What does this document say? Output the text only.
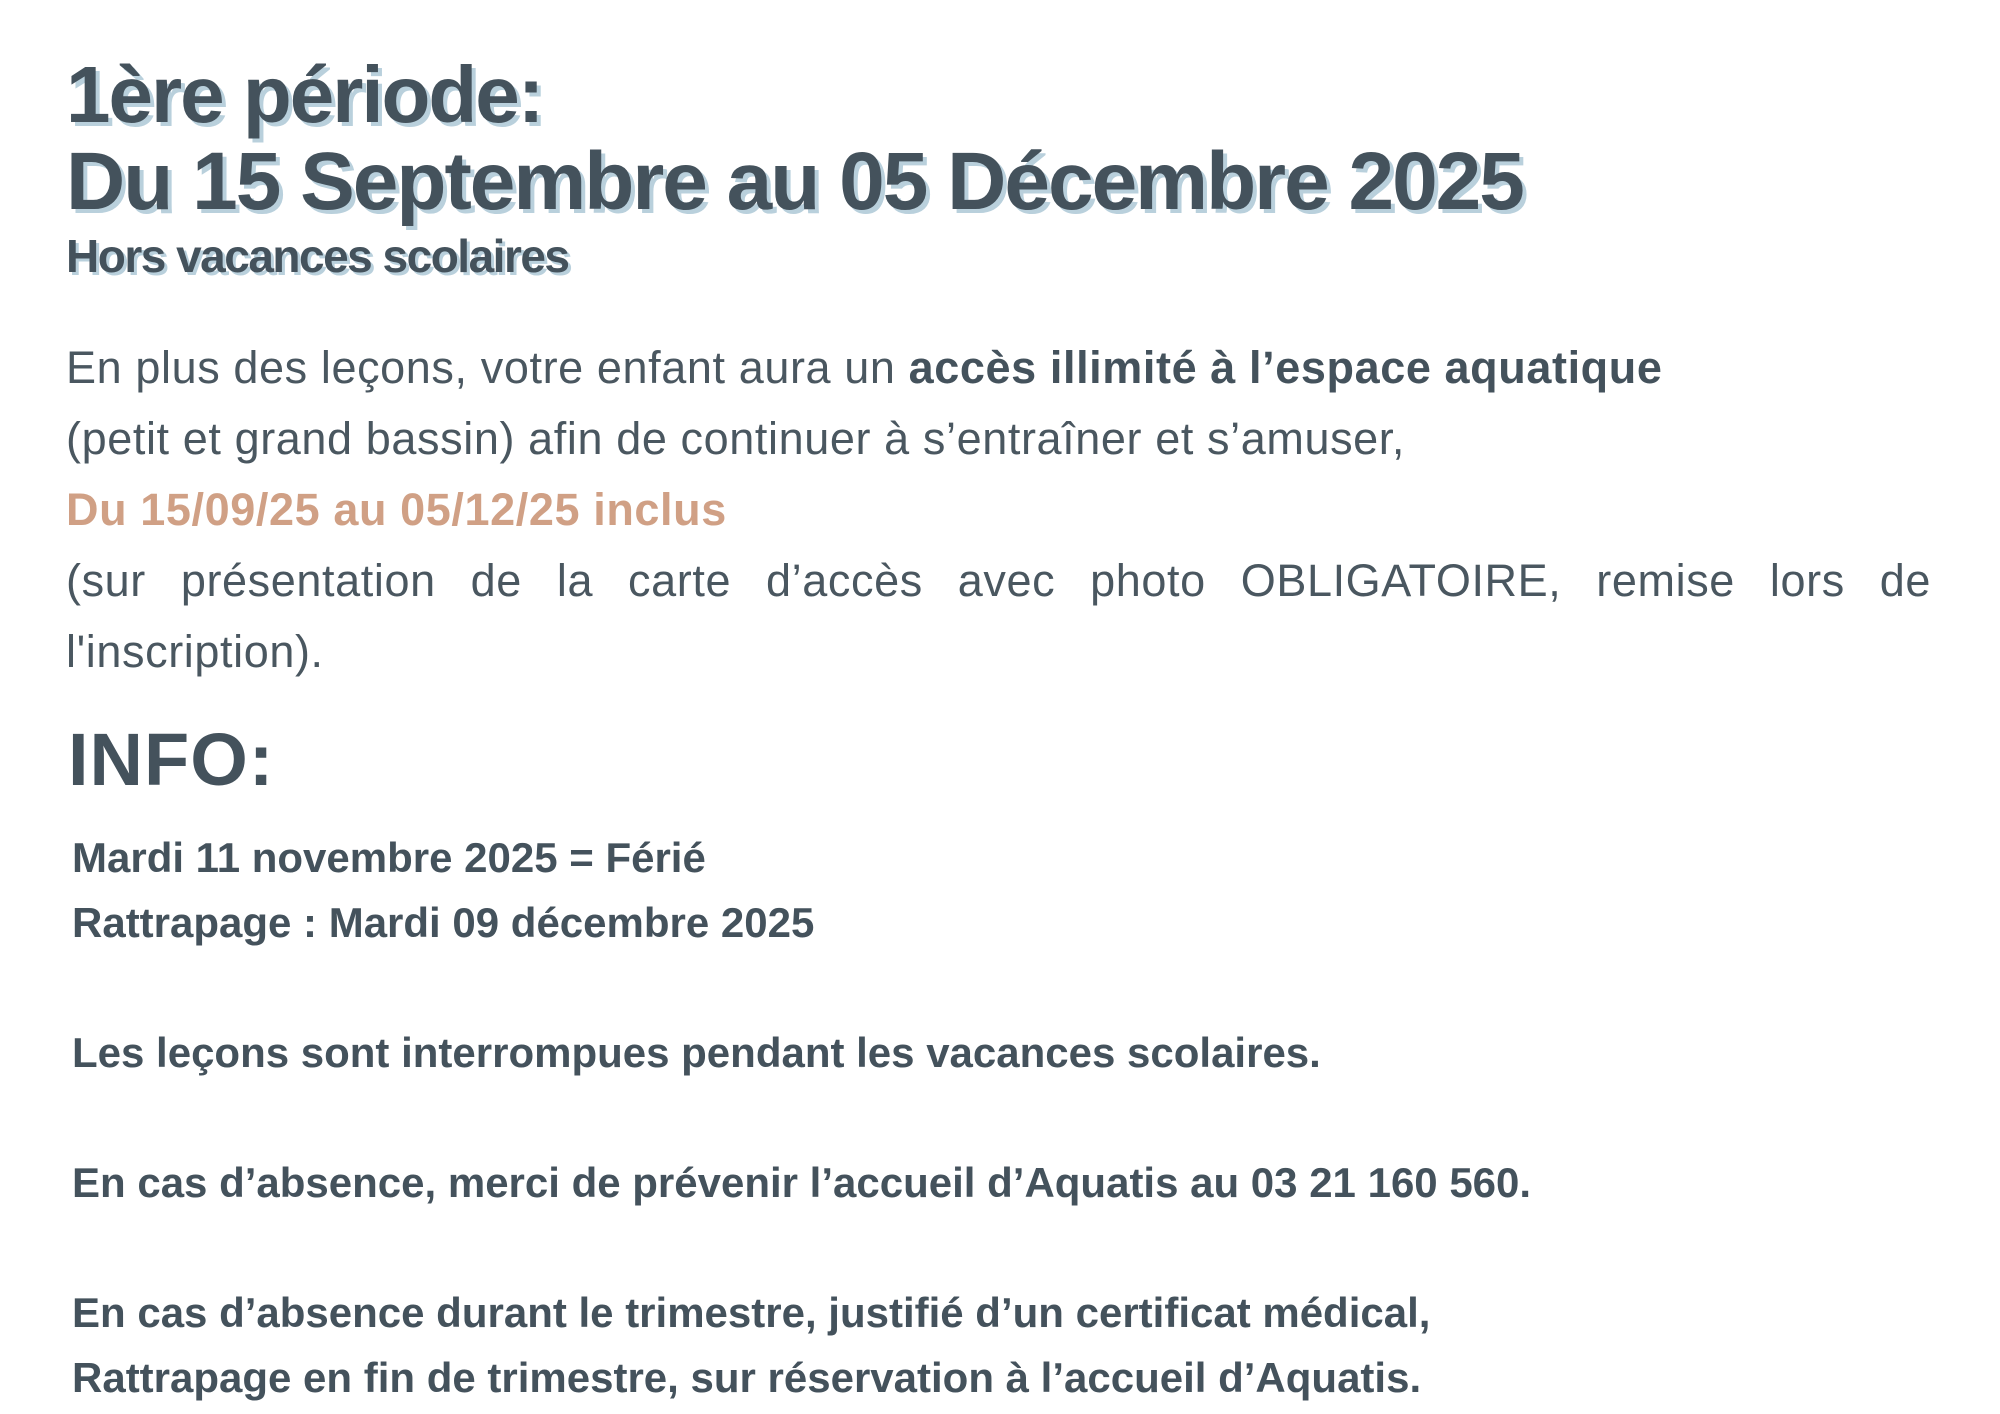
1ère période:
Du 15 Septembre au 05 Décembre 2025
Hors vacances scolaires
En plus des leçons, votre enfant aura un accès illimité à l’espace aquatique
(petit et grand bassin) afin de continuer à s’entraîner et s’amuser,
Du 15/09/25 au 05/12/25 inclus
(sur présentation de la carte d’accès avec photo OBLIGATOIRE, remise lors de
l'inscription).
INFO:
Mardi 11 novembre 2025 = Férié
Rattrapage : Mardi 09 décembre 2025
Les leçons sont interrompues pendant les vacances scolaires.
En cas d’absence, merci de prévenir l’accueil d’Aquatis au 03 21 160 560.
En cas d’absence durant le trimestre, justifié d’un certificat médical,
Rattrapage en fin de trimestre, sur réservation à l’accueil d’Aquatis.
